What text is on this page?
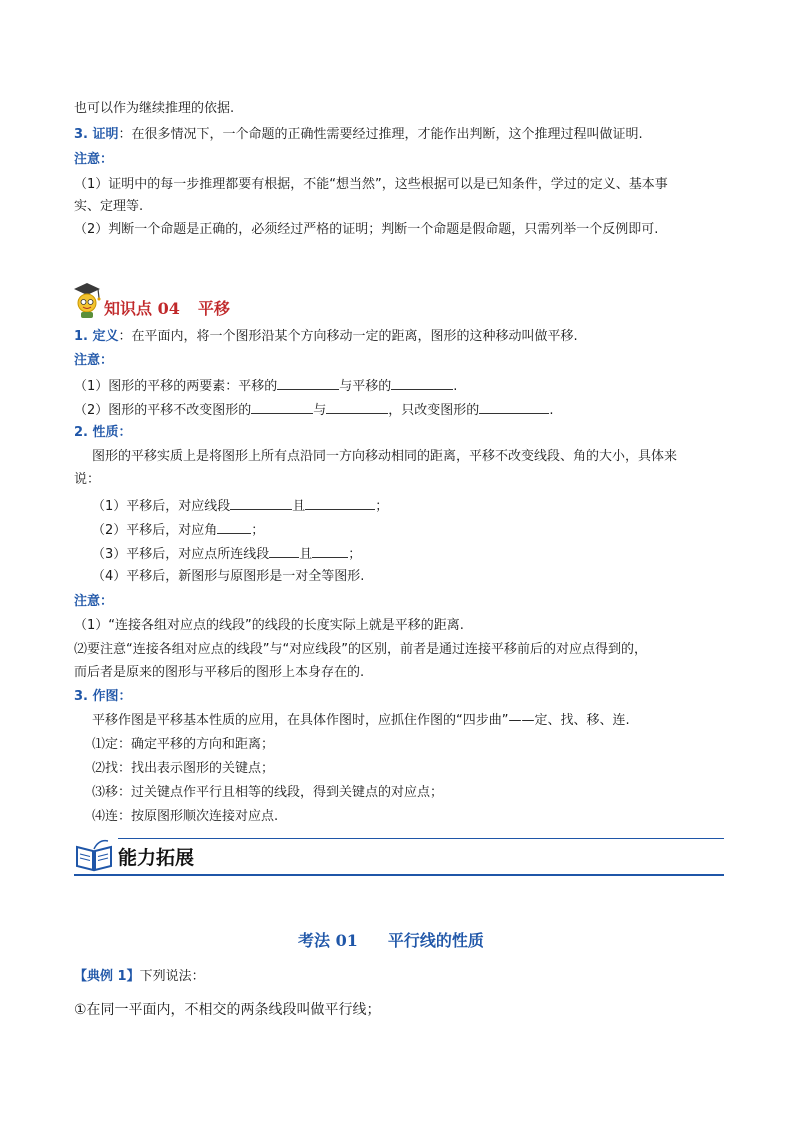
也可以作为继续推理的依据.
3. 证明：在很多情况下，一个命题的正确性需要经过推理，才能作出判断，这个推理过程叫做证明.
注意：
（1）证明中的每一步推理都要有根据，不能“想当然”，这些根据可以是已知条件，学过的定义、基本事
实、定理等.
（2）判断一个命题是正确的，必须经过严格的证明；判断一个命题是假命题，只需列举一个反例即可.
知识点 04 平移
1. 定义：在平面内，将一个图形沿某个方向移动一定的距离，图形的这种移动叫做平移.
注意：
（1）图形的平移的两要素：平移的	与平移的	.
（2）图形的平移不改变图形的	与	，只改变图形的	.
2. 性质：
图形的平移实质上是将图形上所有点沿同一方向移动相同的距离，平移不改变线段、角的大小，具体来
说：
（1）平移后，对应线段	且	；
（2）平移后，对应角	；
（3）平移后，对应点所连线段 且	；
（4）平移后，新图形与原图形是一对全等图形.
注意：
（1）“连接各组对应点的线段”的线段的长度实际上就是平移的距离.
⑵要注意“连接各组对应点的线段”与“对应线段”的区别，前者是通过连接平移前后的对应点得到的，
而后者是原来的图形与平移后的图形上本身存在的.
3. 作图：
平移作图是平移基本性质的应用，在具体作图时，应抓住作图的“四步曲”——定、找、移、连.
⑴定：确定平移的方向和距离；
⑵找：找出表示图形的关键点；
⑶移：过关键点作平行且相等的线段，得到关键点的对应点；
⑷连：按原图形顺次连接对应点.
能力拓展
考法 01 平行线的性质
【典例 1】下列说法：
①在同一平面内，不相交的两条线段叫做平行线；
